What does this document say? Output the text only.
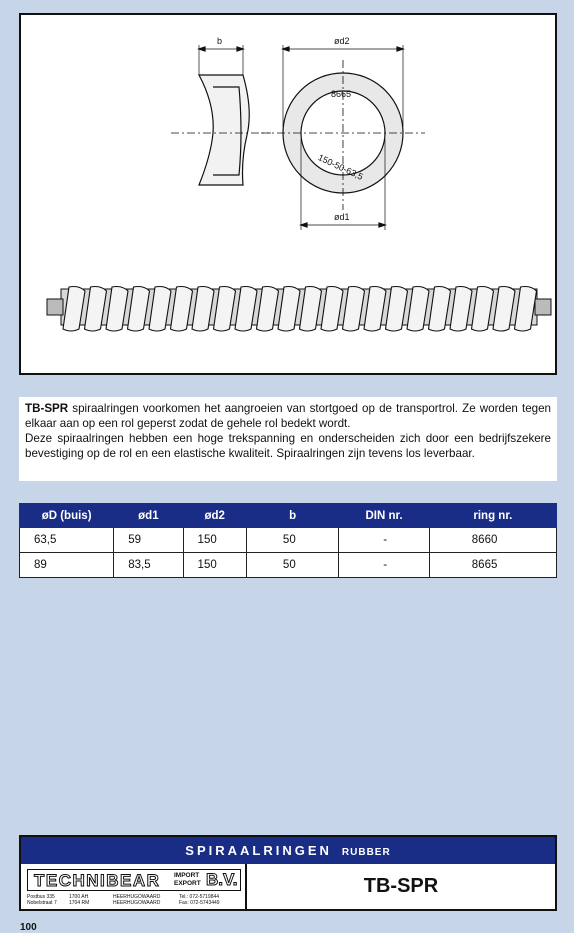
b	ød2
ød1
8665
150-50-63,5

TB-SPR spiraalringen voorkomen het aangroeien van stortgoed op de transportrol. Ze worden tegen elkaar aan op een rol geperst zodat de gehele rol bedekt wordt.

Deze spiraalringen hebben een hoge trekspanning en onderscheiden zich door een bedrijfszekere bevestiging op de rol en een elastische kwaliteit. Spiraalringen zijn tevens los leverbaar.

øD (buis)	ød1	ød2	b	DIN nr.	ring nr.
63,5	59	150	50	-	8660
89	83,5	150	50	-	8665
SPIRAALRINGEN RUBBER
TECHNIBEAR IMPORT
EXPORT B.V.
Postbus 335
Nobelstraat 7
1700 AH
1704 RM
HEERHUGOWAARD
HEERHUGOWAARD
Tel.: 072-5719844
Fax: 072-5743449
TB-SPR
100
